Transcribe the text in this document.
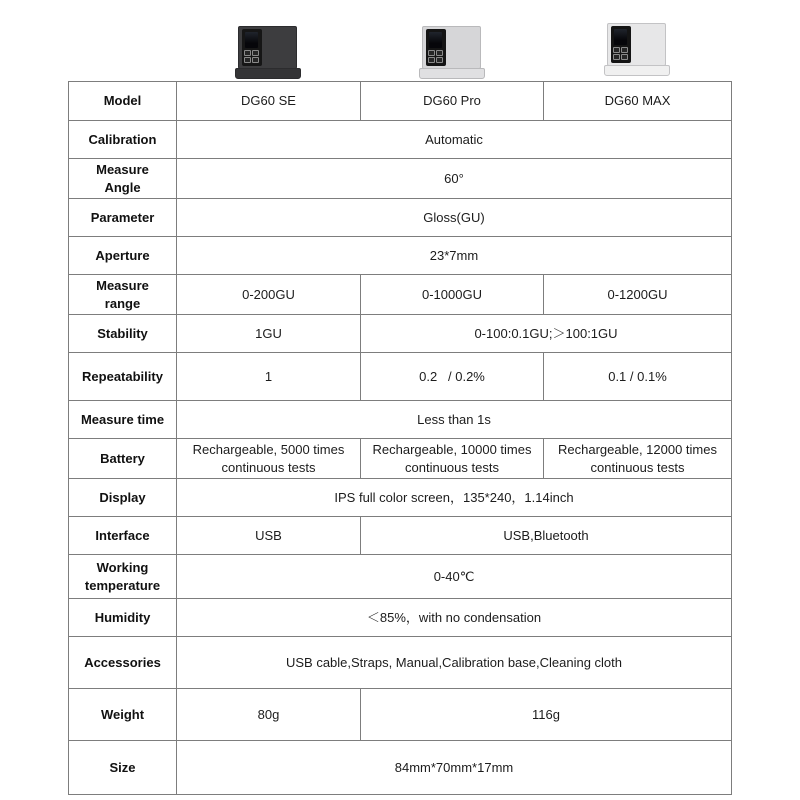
Model	DG60 SE	DG60 Pro	DG60 MAX
Calibration	Automatic		
Measure Angle	60°		
Parameter	Gloss(GU)		
Aperture	23*7mm		
Measure range	0-200GU	0-1000GU	0-1200GU
Stability	1GU	0-100:0.1GU;＞100:1GU	
Repeatability	1	0.2   / 0.2%	0.1 / 0.1%
Measure time	Less than 1s		
Battery	Rechargeable, 5000 times continuous tests	Rechargeable, 10000 times continuous tests	Rechargeable, 12000 times continuous tests
Display	IPS full color screen，135*240，1.14inch		
Interface	USB	USB,Bluetooth	
Working temperature	0-40℃		
Humidity	＜85%，with no condensation		
Accessories	USB cable,Straps, Manual,Calibration base,Cleaning cloth		
Weight	80g	116g	
Size	84mm*70mm*17mm		
